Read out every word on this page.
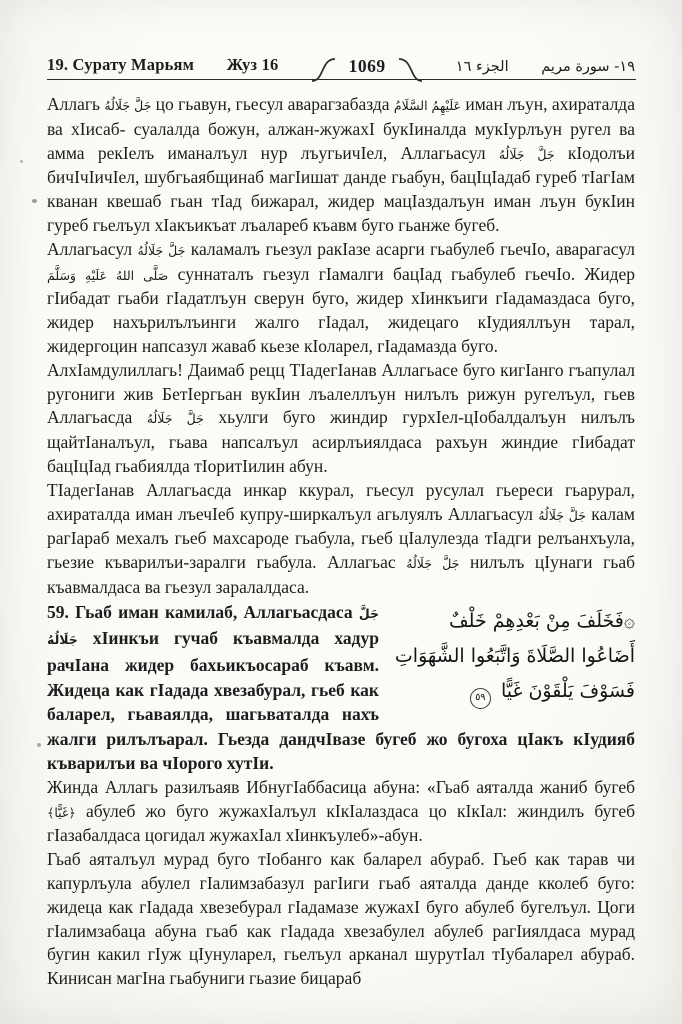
19. Сурату Марьям Жуз 16	1069	الجزء ١٦ ١٩- سورة مريم

Аллагь جَلَّ جَلَالُهُ цо гьавун, гьесул аварагзабазда عَلَيْهِمُ السَّلَامُ иман лъун, ахираталда ва хIисаб- суалалда божун, алжан-жужахI букIиналда мукIурлъун ругел ва амма рекIелъ иманалъул нур лъугьичIел, Аллагьасул جَلَّ جَلَالُهُ кIодолъи бичIчIичIел, шубгьаябщинаб магIишат данде гьабун, бацIцIадаб гуреб тIагIам кванан квешаб гьан тIад бижарал, жидер мацIаздалъун иман лъун букIин гуреб гьелъул хIакъикъат лъалареб къавм буго гьанже бугеб.

Аллагьасул جَلَّ جَلَالُهُ каламалъ гьезул ракIазе асарги гьабулеб гьечIо, аварагасул صَلَّى اللهُ عَلَيْهِ وَسَلَّمَ суннаталъ гьезул гIамалги бацIад гьабулеб гьечIо. Жидер гIибадат гьаби гIадатлъун сверун буго, жидер хIинкъиги гIадамаздаса буго, жидер нахърилълъинги жалго гIадал, жидецаго кIудияллъун тарал, жидергоцин напсазул жаваб кьезе кIоларел, гIадамазда буго.

АлхIамдулиллагь! Даимаб рецц ТIадегIанав Аллагьасе буго кигIанго гъапулал ругониги жив БетIергьан вукIин лъалеллъун нилълъ рижун ругелъул, гьев Аллагьасда جَلَّ جَلَالُهُ хьулги буго жиндир гурхIел-цIобалдалъун нилълъ щайтIаналъул, гьава напсалъул асирлъиялдаса рахъун жиндие гIибадат бацIцIад гьабиялда тIоритIилин абун.

ТIадегIанав Аллагьасда инкар ккурал, гьесул русулал гьереси гьарурал, ахираталда иман лъечIеб купру-ширкалъул агьлуялъ Аллагьасул جَلَّ جَلَالُهُ калам рагIараб мехалъ гьеб махсароде гьабула, гьеб цIалулезда тIадги релъанхъула, гьезие къварилъи-заралги гьабула. Аллагьас جَلَّ جَلَالُهُ нилълъ цIунаги гьаб къавмалдаса ва гьезул заралалдаса.

۞فَخَلَفَ مِنْ بَعْدِهِمْ خَلْفٌ أَضَاعُوا الصَّلَاةَ وَاتَّبَعُوا الشَّهَوَاتِ فَسَوْفَ يَلْقَوْنَ غَيًّا ٥٩

59. Гьаб иман камилаб, Аллагьасдаса جَلَّ جَلَالُهُ хIинкъи гучаб къавмалда хадур рачIана жидер бахьикъосараб къавм. Жидеца как гIадада хвезабурал, гьеб как баларел, гьаваялда, шагьваталда нахъ жалги рилълъарал. Гьезда дандчIвазе бугеб жо бугоха цIакъ кIудияб къварилъи ва чIорого хутIи.

Жинда Аллагь разилъаяв ИбнугIаббасица абуна: «Гьаб аяталда жаниб бугеб ﴿غَيًّا﴾ абулеб жо буго жужахIалъул кIкIалаздаса цо кIкIал: жиндилъ бугеб гIазабалдаса цогидал жужахIал хIинкъулеб»-абун.

Гьаб аяталъул мурад буго тIобанго как баларел абураб. Гьеб как тарав чи капурлъула абулел гIалимзабазул рагIиги гьаб аяталда данде кколеб буго: жидеца как гIадада хвезебурал гIадамазе жужахI буго абулеб бугелъул. Цоги гIалимзабаца абуна гьаб как гIадада хвезабулел абулеб рагIиялдаса мурад бугин какил гIуж цIунуларел, гьелъул арканал шурутIал тIубаларел абураб. Кинисан магIна гьабуниги гьазие бицараб
